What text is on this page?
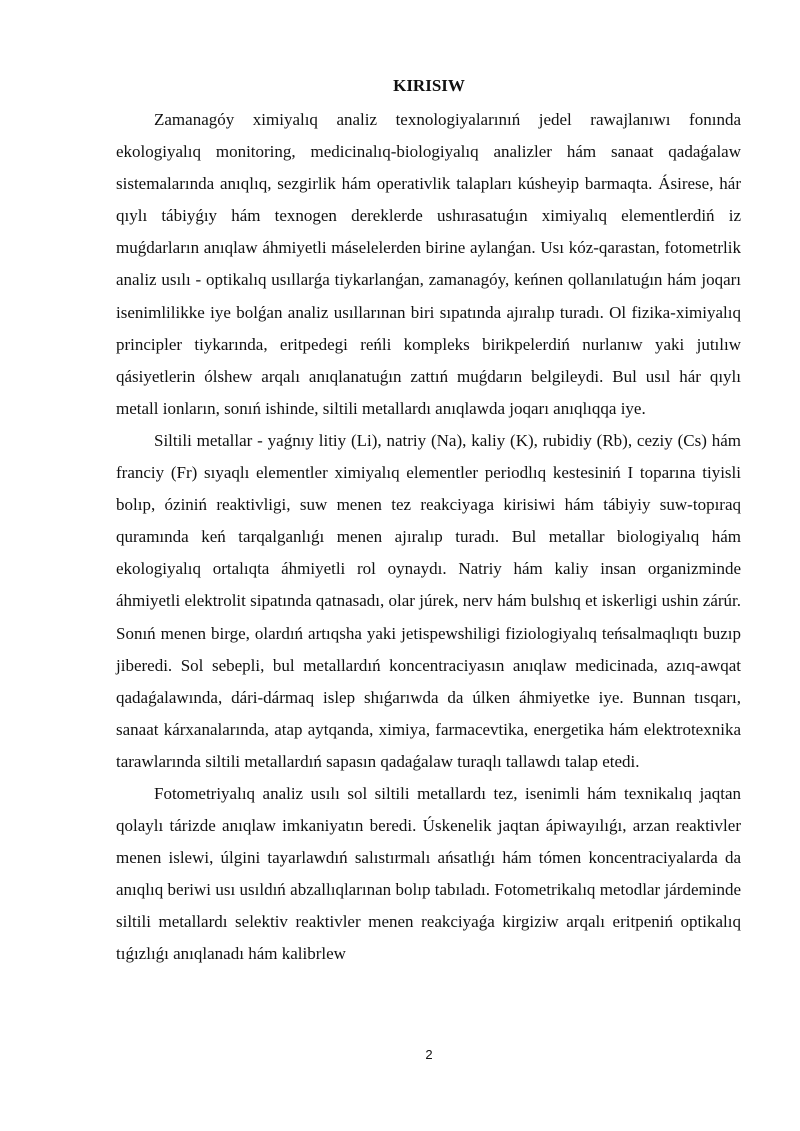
KIRISIW

Zamanagóy ximiyalıq analiz texnologiyalarınıń jedel rawajlanıwı fonında ekologiyalıq monitoring, medicinalıq-biologiyalıq analizler hám sanaat qadaǵalaw sistemalarında anıqlıq, sezgirlik hám operativlik talapları kúsheyip barmaqta. Ásirese, hár qıylı tábiyǵıy hám texnogen dereklerde ushırasatuǵın ximiyalıq elementlerdiń iz muǵdarların anıqlaw áhmiyetli máselelerden birine aylanǵan. Usı kóz-qarastan, fotometrlik analiz usılı - optikalıq usıllarǵa tiykarlanǵan, zamanagóy, keńnen qollanılatuǵın hám joqarı isenimlilikke iye bolǵan analiz usıllarınan biri sıpatında ajıralıp turadı. Ol fizika-ximiyalıq principler tiykarında, eritpedegi reńli kompleks birikpelerdiń nurlanıw yaki jutılıw qásiyetlerin ólshew arqalı anıqlanatuǵın zattıń muǵdarın belgileydi. Bul usıl hár qıylı metall ionların, sonıń ishinde, siltili metallardı anıqlawda joqarı anıqlıqqa iye.

Siltili metallar - yaǵnıy litiy (Li), natriy (Na), kaliy (K), rubidiy (Rb), ceziy (Cs) hám franciy (Fr) sıyaqlı elementler ximiyalıq elementler periodlıq kestesiniń I toparına tiyisli bolıp, óziniń reaktivligi, suw menen tez reakciyaga kirisiwi hám tábiyiy suw-topıraq quramında keń tarqalganlıǵı menen ajıralıp turadı. Bul metallar biologiyalıq hám ekologiyalıq ortalıqta áhmiyetli rol oynaydı. Natriy hám kaliy insan organizminde áhmiyetli elektrolit sipatında qatnasadı, olar júrek, nerv hám bulshıq et iskerligi ushin zárúr. Sonıń menen birge, olardıń artıqsha yaki jetispewshiligi fiziologiyalıq teńsalmaqlıqtı buzıp jiberedi. Sol sebepli, bul metallardıń koncentraciyasın anıqlaw medicinada, azıq-awqat qadaǵalawında, dári-dármaq islep shıǵarıwda da úlken áhmiyetke iye. Bunnan tısqarı, sanaat kárxanalarında, atap aytqanda, ximiya, farmacevtika, energetika hám elektrotexnika tarawlarında siltili metallardıń sapasın qadaǵalaw turaqlı tallawdı talap etedi.

Fotometriyalıq analiz usılı sol siltili metallardı tez, isenimli hám texnikalıq jaqtan qolaylı tárizde anıqlaw imkaniyatın beredi. Úskenelik jaqtan ápiwayılıǵı, arzan reaktivler menen islewi, úlgini tayarlawdıń salıstırmalı ańsatlıǵı hám tómen koncentraciyalarda da anıqlıq beriwi usı usıldıń abzallıqlarınan bolıp tabıladı. Fotometrikalıq metodlar járdeminde siltili metallardı selektiv reaktivler menen reakciyaǵa kirgiziw arqalı eritpeniń optikalıq tıǵızlıǵı anıqlanadı hám kalibrlew

2
